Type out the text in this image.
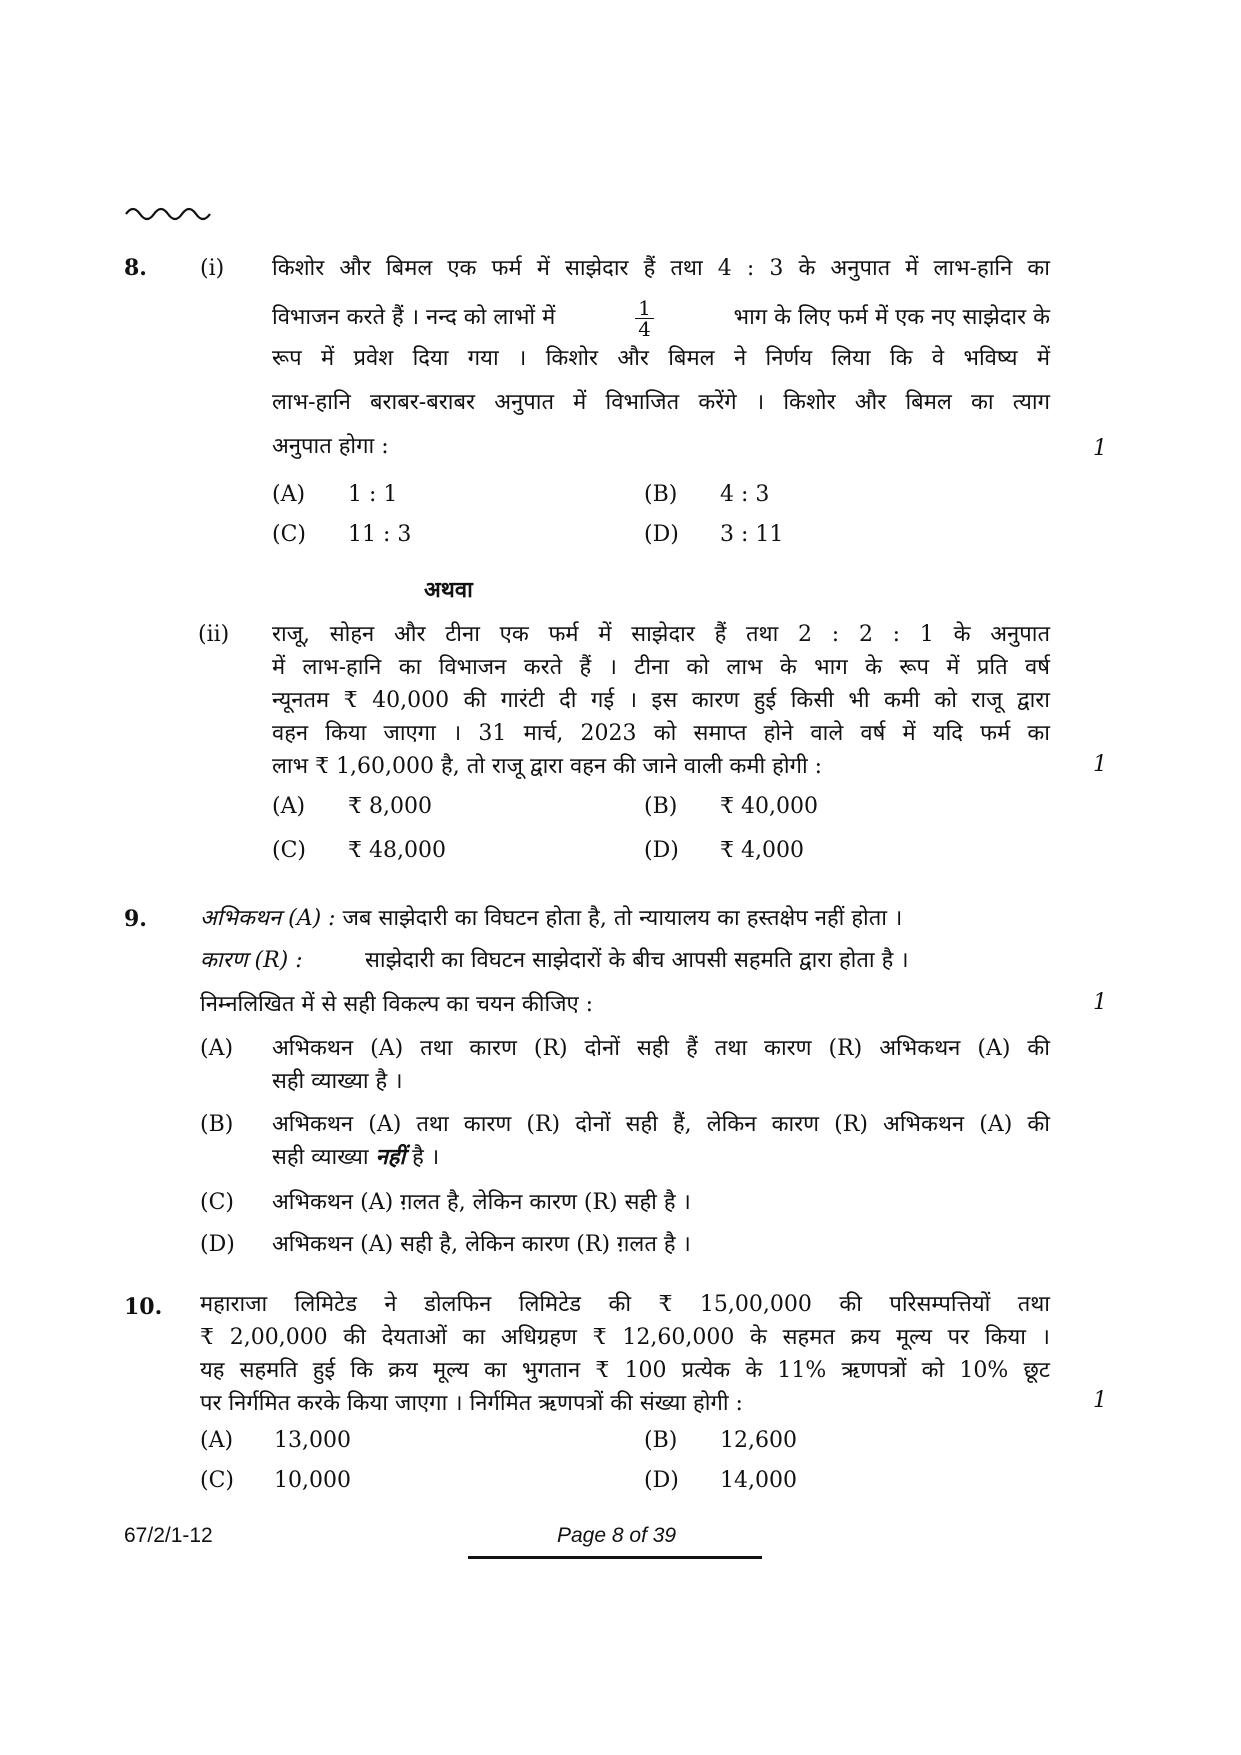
8. (i) किशोर और बिमल एक फर्म में साझेदार हैं तथा 4 : 3 के अनुपात में लाभ-हानि का
विभाजन करते हैं । नन्द को लाभों में	$\frac{1}{4}$	भाग के लिए फर्म में एक नए साझेदार के
रूप में प्रवेश दिया गया । किशोर और बिमल ने निर्णय लिया कि वे भविष्य में
लाभ-हानि बराबर-बराबर अनुपात में विभाजित करेंगे । किशोर और बिमल का त्याग
अनुपात होगा :	1
(A) 1 : 1	(B) 4 : 3
(C) 11 : 3	(D) 3 : 11
अथवा
(ii) राजू, सोहन और टीना एक फर्म में साझेदार हैं तथा 2 : 2 : 1 के अनुपात
में लाभ-हानि का विभाजन करते हैं । टीना को लाभ के भाग के रूप में प्रति वर्ष
न्यूनतम ₹ 40,000 की गारंटी दी गई । इस कारण हुई किसी भी कमी को राजू द्वारा
वहन किया जाएगा । 31 मार्च, 2023 को समाप्त होने वाले वर्ष में यदि फर्म का
लाभ ₹ 1,60,000 है, तो राजू द्वारा वहन की जाने वाली कमी होगी :	1
(A) ₹ 8,000	(B) ₹ 40,000
(C) ₹ 48,000	(D) ₹ 4,000
9. अभिकथन (A) : जब साझेदारी का विघटन होता है, तो न्यायालय का हस्तक्षेप नहीं होता ।
कारण (R) :	साझेदारी का विघटन साझेदारों के बीच आपसी सहमति द्वारा होता है ।
निम्नलिखित में से सही विकल्प का चयन कीजिए :	1
(A) अभिकथन (A) तथा कारण (R) दोनों सही हैं तथा कारण (R) अभिकथन (A) की
सही व्याख्या है ।
(B) अभिकथन (A) तथा कारण (R) दोनों सही हैं, लेकिन कारण (R) अभिकथन (A) की
सही व्याख्या नहीं है ।
(C) अभिकथन (A) ग़लत है, लेकिन कारण (R) सही है ।
(D) अभिकथन (A) सही है, लेकिन कारण (R) ग़लत है ।
10. महाराजा लिमिटेड ने डोलफिन लिमिटेड की ₹ 15,00,000 की परिसम्पत्तियों तथा
₹ 2,00,000 की देयताओं का अधिग्रहण ₹ 12,60,000 के सहमत क्रय मूल्य पर किया ।
यह सहमति हुई कि क्रय मूल्य का भुगतान ₹ 100 प्रत्येक के 11% ऋणपत्रों को 10% छूट
पर निर्गमित करके किया जाएगा । निर्गमित ऋणपत्रों की संख्या होगी :	1
(A) 13,000	(B) 12,600
(C) 10,000	(D) 14,000
67/2/1-12	Page 8 of 39
